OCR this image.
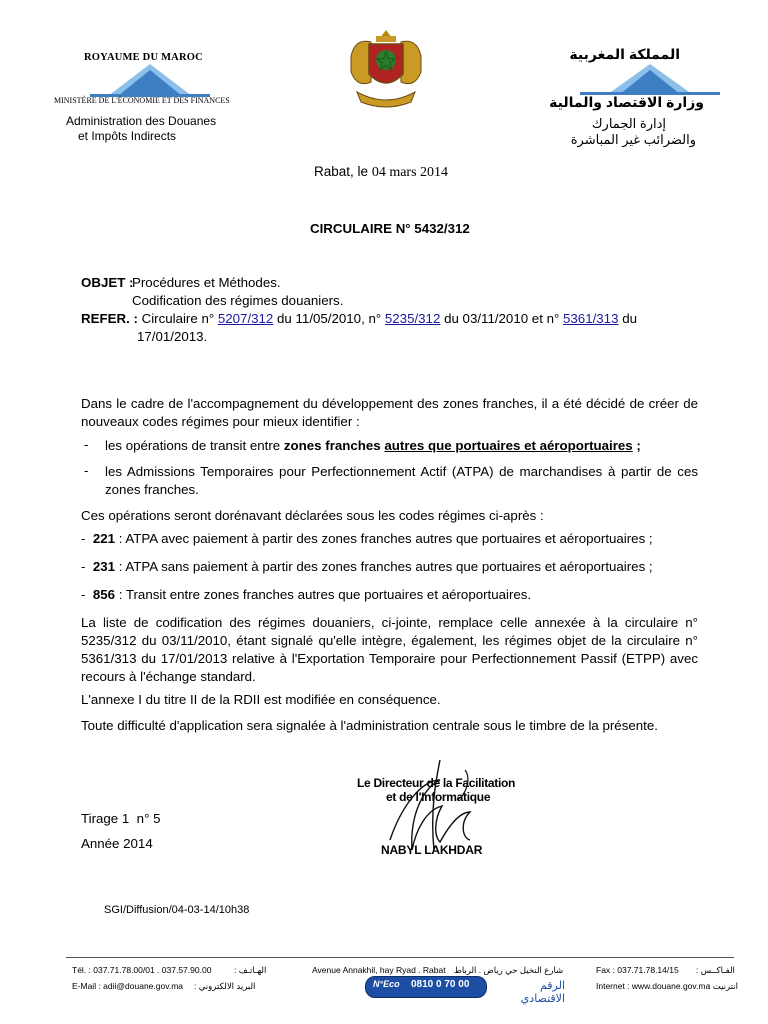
ROYAUME DU MAROC
MINISTÈRE DE L'ÉCONOMIE ET DES FINANCES
Administration des Douanes
et Impôts Indirects
المملكة المغربية
وزارة الاقتصاد والمالية
إدارة الجمارك
والضرائب غير المباشرة
Rabat, le 04 mars 2014
CIRCULAIRE N° 5432/312
OBJET :
Procédures et Méthodes.
Codification des régimes douaniers.
REFER. : Circulaire n° 5207/312 du 11/05/2010, n° 5235/312 du 03/11/2010 et n° 5361/313 du
17/01/2013.
Dans le cadre de l'accompagnement du développement des zones franches, il a été décidé de créer de nouveaux codes régimes pour mieux identifier :
- les opérations de transit entre zones franches autres que portuaires et aéroportuaires ;
- les Admissions Temporaires pour Perfectionnement Actif (ATPA) de marchandises à partir de ces zones franches.
Ces opérations seront dorénavant déclarées sous les codes régimes ci-après :
-  221 : ATPA avec paiement à partir des zones franches autres que portuaires et aéroportuaires ;
-  231 : ATPA sans paiement à partir des zones franches autres que portuaires et aéroportuaires ;
-  856 : Transit entre zones franches autres que portuaires et aéroportuaires.
La liste de codification des régimes douaniers, ci-jointe, remplace celle annexée à la circulaire n° 5235/312 du 03/11/2010, étant signalé qu'elle intègre, également, les régimes objet de la circulaire n° 5361/313 du 17/01/2013 relative à l'Exportation Temporaire pour Perfectionnement Passif (ETPP) avec recours à l'échange standard.
L'annexe I du titre II de la RDII est modifiée en conséquence.
Toute difficulté d'application sera signalée à l'administration centrale sous le timbre de la présente.
Le Directeur de la Facilitation
et de l'Informatique
NABYL LAKHDAR
Tirage 1  n° 5
Année 2014
SGI/Diffusion/04-03-14/10h38
Tél. : 037.71.78.00/01 . 037.57.90.00	الهـاتـف :
E-Mail : adii@douane.gov.ma البريد الالكتروني :
Avenue Annakhil, hay Ryad . Rabat شارع النخيل حي رياض . الرباط
N°Eco 0810 0 70 00	الرقم الاقتصادي
Fax : 037.71.78.14/15 الفـاكــس :
Internet : www.douane.gov.ma
انترنيت :
